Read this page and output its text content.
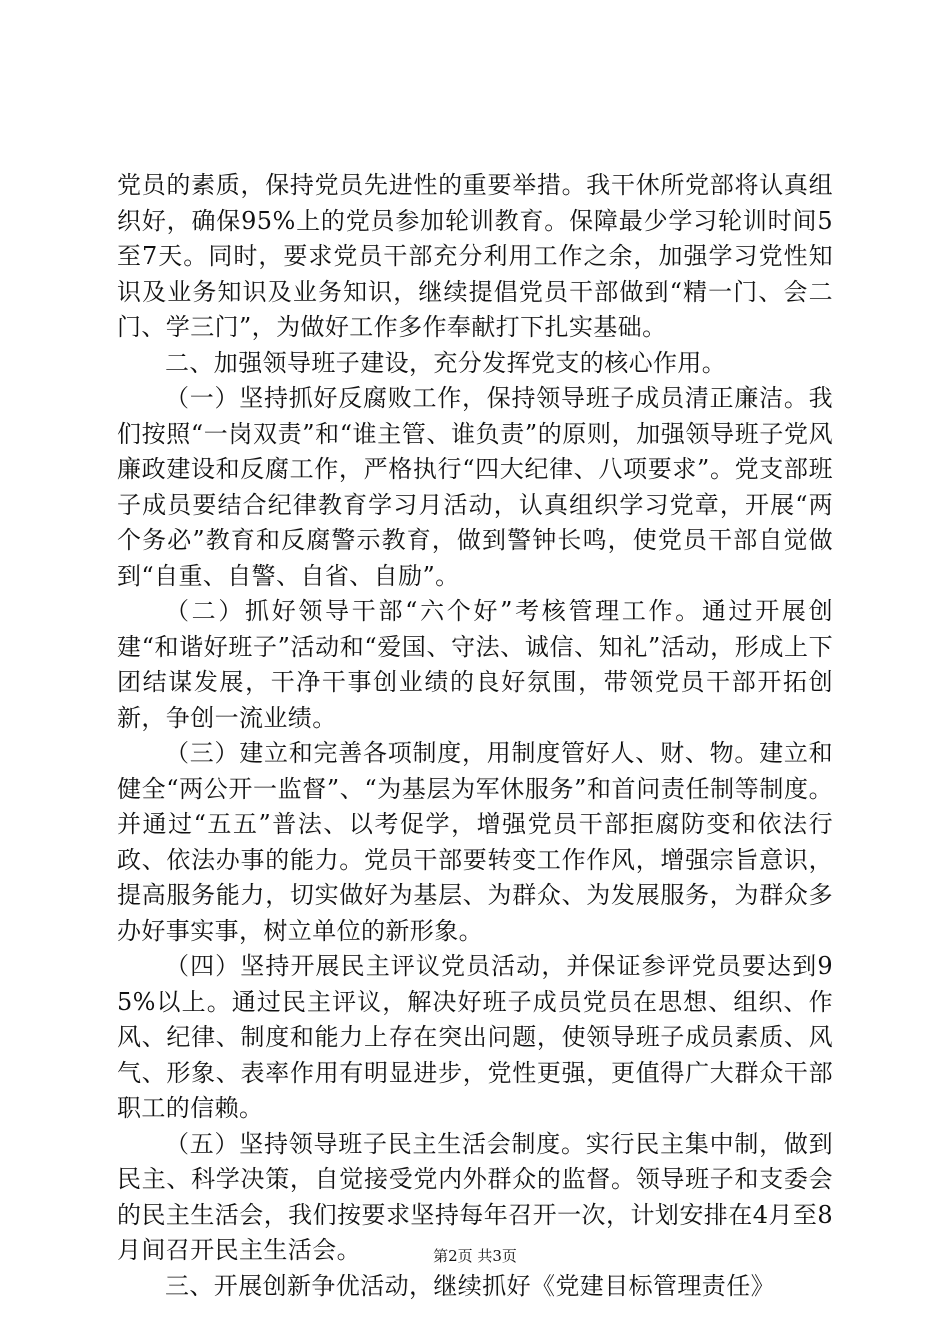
党员的素质，保持党员先进性的重要举措。我干休所党部将认真组织好，确保95%上的党员参加轮训教育。保障最少学习轮训时间5至7天。同时，要求党员干部充分利用工作之余，加强学习党性知识及业务知识及业务知识，继续提倡党员干部做到“精一门、会二门、学三门”，为做好工作多作奉献打下扎实基础。

二、加强领导班子建设，充分发挥党支的核心作用。

（一）坚持抓好反腐败工作，保持领导班子成员清正廉洁。我们按照“一岗双责”和“谁主管、谁负责”的原则，加强领导班子党风廉政建设和反腐工作，严格执行“四大纪律、八项要求”。党支部班子成员要结合纪律教育学习月活动，认真组织学习党章，开展“两个务必”教育和反腐警示教育，做到警钟长鸣，使党员干部自觉做到“自重、自警、自省、自励”。

（二）抓好领导干部“六个好”考核管理工作。通过开展创建“和谐好班子”活动和“爱国、守法、诚信、知礼”活动，形成上下团结谋发展，干净干事创业绩的良好氛围，带领党员干部开拓创新，争创一流业绩。

（三）建立和完善各项制度，用制度管好人、财、物。建立和健全“两公开一监督”、“为基层为军休服务”和首问责任制等制度。并通过“五五”普法、以考促学，增强党员干部拒腐防变和依法行政、依法办事的能力。党员干部要转变工作作风，增强宗旨意识，提高服务能力，切实做好为基层、为群众、为发展服务，为群众多办好事实事，树立单位的新形象。

（四）坚持开展民主评议党员活动，并保证参评党员要达到95%以上。通过民主评议，解决好班子成员党员在思想、组织、作风、纪律、制度和能力上存在突出问题，使领导班子成员素质、风气、形象、表率作用有明显进步，党性更强，更值得广大群众干部职工的信赖。

（五）坚持领导班子民主生活会制度。实行民主集中制，做到民主、科学决策，自觉接受党内外群众的监督。领导班子和支委会的民主生活会，我们按要求坚持每年召开一次，计划安排在4月至8月间召开民主生活会。

三、开展创新争优活动，继续抓好《党建目标管理责任》

第2页 共3页
